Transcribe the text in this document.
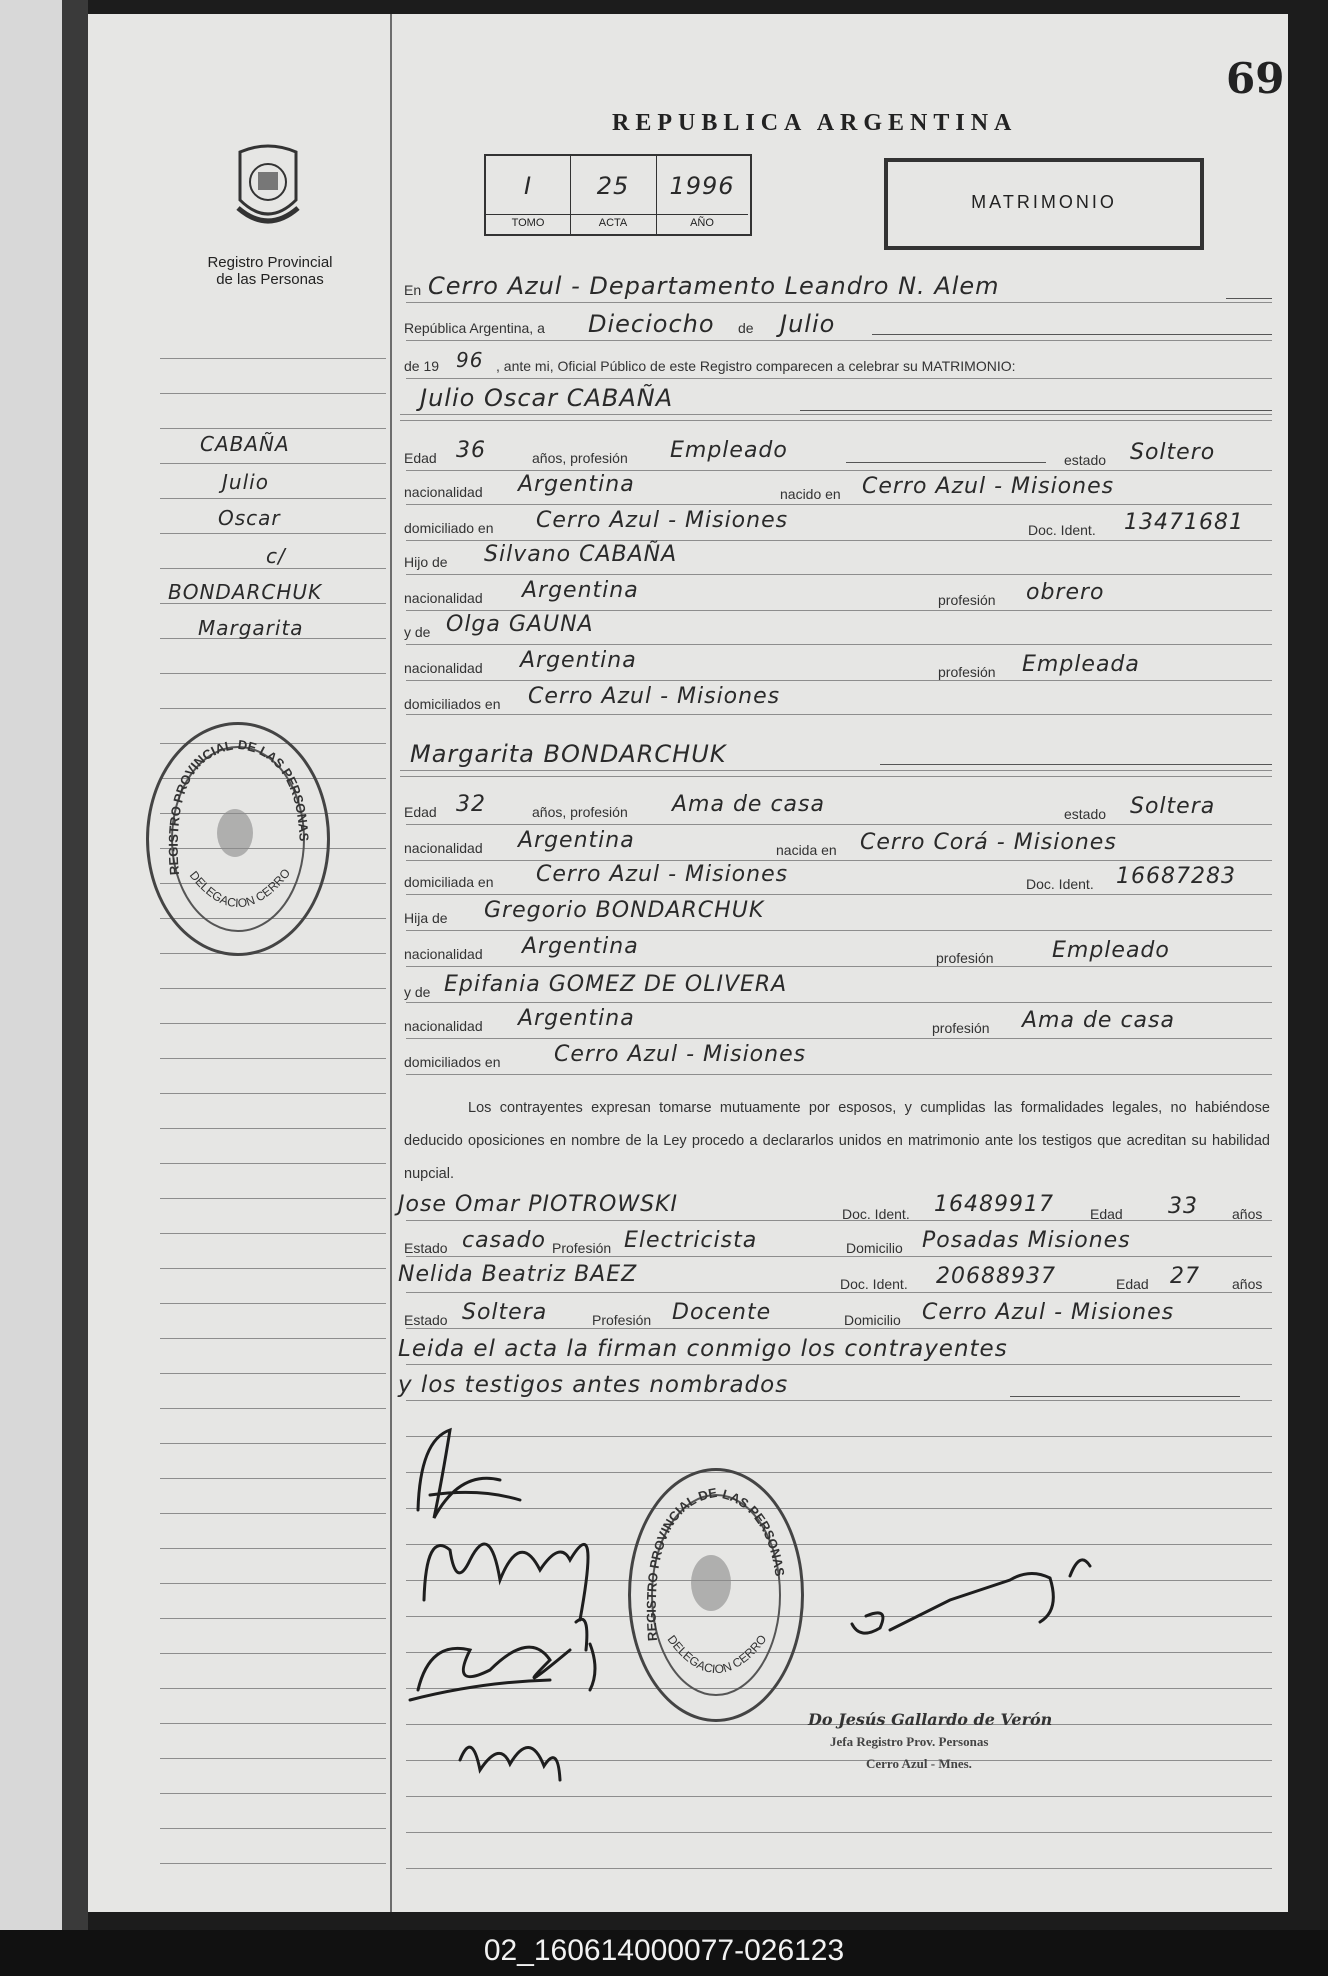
02_160614000077-026123
69
REPUBLICA ARGENTINA
Registro Provincial
de las Personas
I
TOMO
25
ACTA
1996
AÑO
MATRIMONIO
CABAÑA
Julio
Oscar
c/
BONDARCHUK
Margarita
REGISTRO PROVINCIAL DE LAS PERSONAS
DELEGACION CERRO
En Cerro Azul - Departamento Leandro N. Alem
República Argentina, a Dieciocho de Julio
de 19 96 , ante mi, Oficial Público de este Registro comparecen a celebrar su MATRIMONIO:
Julio Oscar CABAÑA
Edad 36	años, profesión Empleado	estado Soltero
nacionalidad Argentina	nacido en Cerro Azul - Misiones
domiciliado en Cerro Azul - Misiones	Doc. Ident. 13471681
Hijo de Silvano CABAÑA
nacionalidad Argentina	profesión obrero
y de Olga GAUNA
nacionalidad Argentina	profesión Empleada
domiciliados en Cerro Azul - Misiones
Margarita BONDARCHUK
Edad 32	años, profesión Ama de casa	estado Soltera
nacionalidad Argentina	nacida en Cerro Corá - Misiones
domiciliada en Cerro Azul - Misiones	Doc. Ident. 16687283
Hija de Gregorio BONDARCHUK
nacionalidad Argentina	profesión	Empleado
y de Epifania GOMEZ DE OLIVERA
nacionalidad Argentina	profesión Ama de casa
domiciliados en Cerro Azul - Misiones
Los contrayentes expresan tomarse mutuamente por esposos, y cumplidas las formalidades legales, no habiéndose deducido oposiciones en nombre de la Ley procedo a declararlos unidos en matrimonio ante los testigos que acreditan su habilidad nupcial.
Jose Omar PIOTROWSKI	Doc. Ident. 16489917	Edad 33 años
Estado casado Profesión Electricista	Domicilio Posadas Misiones
Nelida Beatriz BAEZ	Doc. Ident. 20688937	Edad 27 años
Estado Soltera	Profesión Docente	Domicilio Cerro Azul - Misiones
Leida el acta la firman conmigo los contrayentes
y los testigos antes nombrados
REGISTRO PROVINCIAL DE LAS PERSONAS
DELEGACION CERRO
Do Jesús Gallardo de Verón
Jefa Registro Prov. Personas
Cerro Azul - Mnes.
